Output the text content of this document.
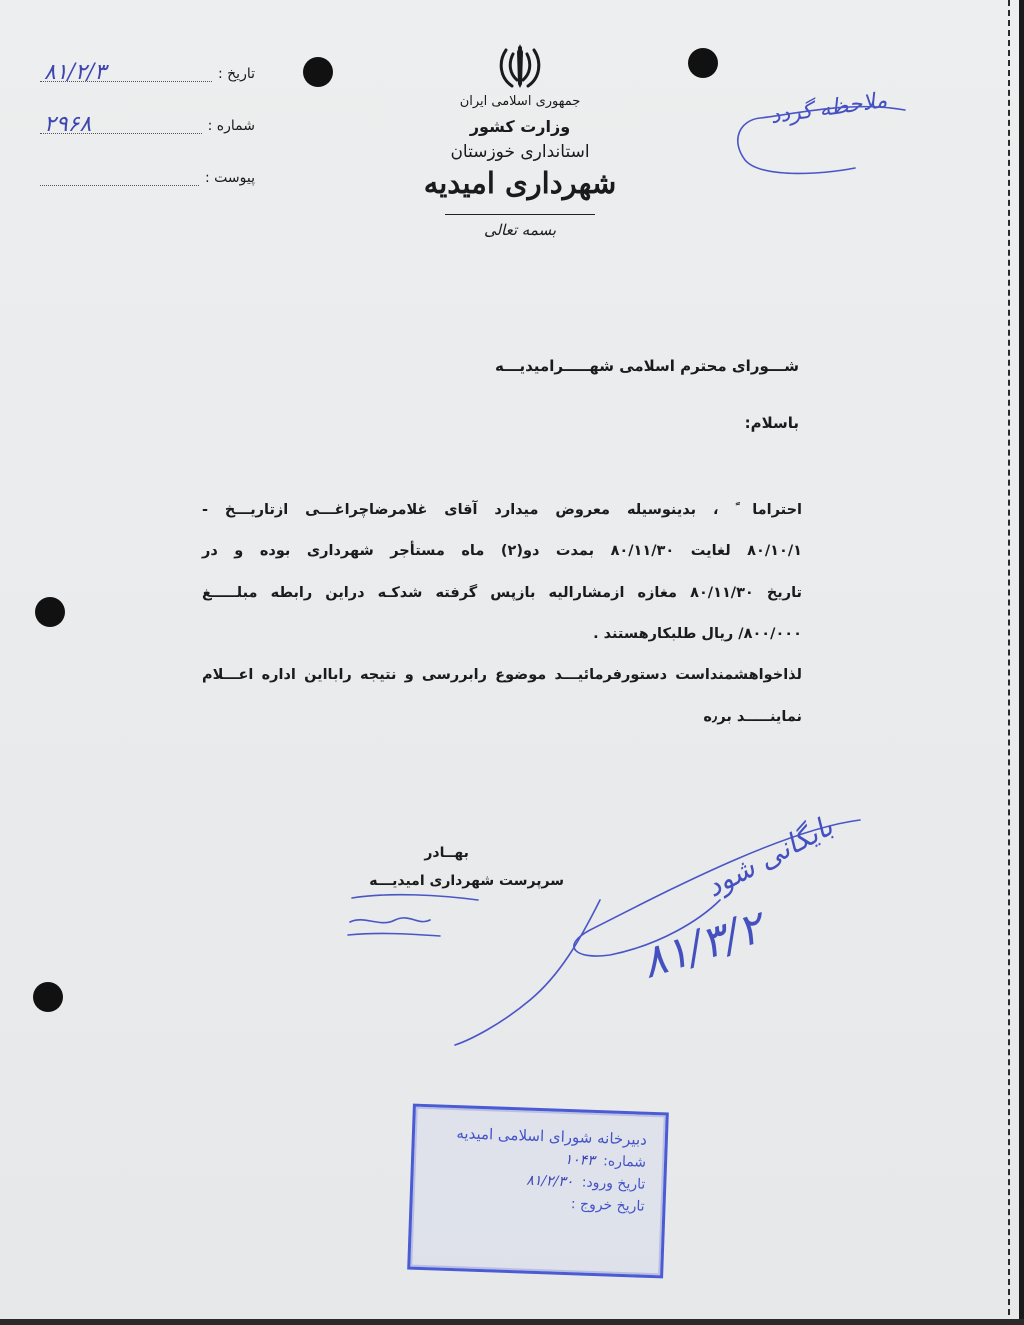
تاریخ :
۸۱/۲/۳
شماره :
۲۹۶۸
پیوست :
جمهوری اسلامی ایران
وزارت کشور
استانداری خوزستان
شهرداری امیدیه
بسمه تعالی
ملاحظه گردد
شـــورای محترم اسلامی شهـــــرامیدیـــه
باسلام:
احتراما ً ، بدینوسیله معروض میدارد آقای غلامرضاچراغـــی ازتاریـــخ -
۸۰/۱۰/۱ لغایت ۸۰/۱۱/۳۰ بمدت دو(۲) ماه مستأجر شهرداری بوده و در
تاریخ ۸۰/۱۱/۳۰ مغازه ازمشارالیه بازپس گرفته شدکـه دراین رابطه مبلـــــغ
۸۰۰/۰۰۰/ ریال طلبکارهستند .
لذاخواهشمنداست دستورفرمائیـــد موضوع رابررسی و نتیجه رابااین اداره اعـــلام
نماینـــــد بر٫ه
بهــادر
سرپرست شهرداری امیدیـــه	بایگانی شود
۸۱/۳/۲
دبیرخانه شورای اسلامی امیدیه
شماره: ۱۰۴۳
تاریخ ورود: ۸۱/۲/۳۰
تاریخ خروج :
